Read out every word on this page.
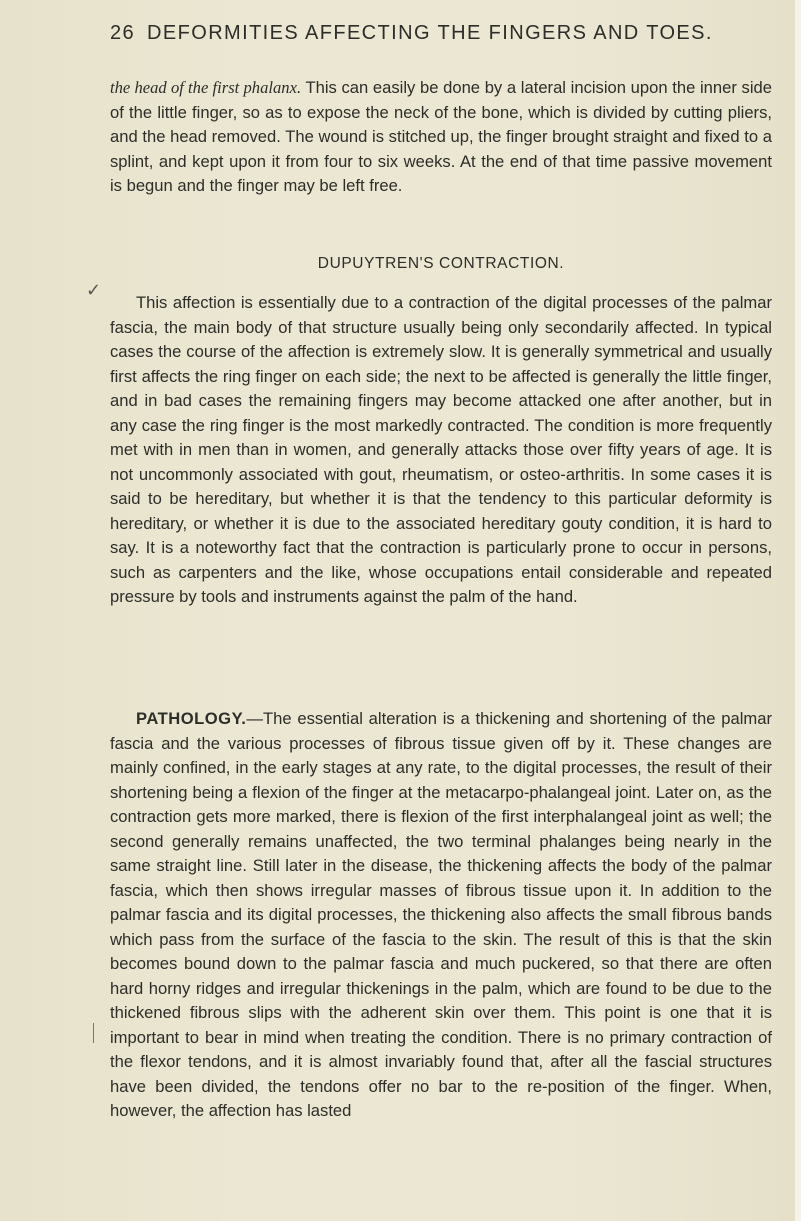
26 DEFORMITIES AFFECTING THE FINGERS AND TOES.
the head of the first phalanx. This can easily be done by a lateral incision upon the inner side of the little finger, so as to expose the neck of the bone, which is divided by cutting pliers, and the head removed. The wound is stitched up, the finger brought straight and fixed to a splint, and kept upon it from four to six weeks. At the end of that time passive movement is begun and the finger may be left free.
DUPUYTREN'S CONTRACTION.
✓
This affection is essentially due to a contraction of the digital processes of the palmar fascia, the main body of that structure usually being only secondarily affected. In typical cases the course of the affection is extremely slow. It is generally symmetrical and usually first affects the ring finger on each side; the next to be affected is generally the little finger, and in bad cases the remaining fingers may become attacked one after another, but in any case the ring finger is the most markedly contracted. The condition is more frequently met with in men than in women, and generally attacks those over fifty years of age. It is not uncommonly associated with gout, rheumatism, or osteo-arthritis. In some cases it is said to be hereditary, but whether it is that the tendency to this particular deformity is hereditary, or whether it is due to the associated hereditary gouty condition, it is hard to say. It is a noteworthy fact that the contraction is particularly prone to occur in persons, such as carpenters and the like, whose occupations entail considerable and repeated pressure by tools and instruments against the palm of the hand.
PATHOLOGY.—The essential alteration is a thickening and shortening of the palmar fascia and the various processes of fibrous tissue given off by it. These changes are mainly confined, in the early stages at any rate, to the digital processes, the result of their shortening being a flexion of the finger at the metacarpo-phalangeal joint. Later on, as the contraction gets more marked, there is flexion of the first interphalangeal joint as well; the second generally remains unaffected, the two terminal phalanges being nearly in the same straight line. Still later in the disease, the thickening affects the body of the palmar fascia, which then shows irregular masses of fibrous tissue upon it. In addition to the palmar fascia and its digital processes, the thickening also affects the small fibrous bands which pass from the surface of the fascia to the skin. The result of this is that the skin becomes bound down to the palmar fascia and much puckered, so that there are often hard horny ridges and irregular thickenings in the palm, which are found to be due to the thickened fibrous slips with the adherent skin over them. This point is one that it is important to bear in mind when treating the condition. There is no primary contraction of the flexor tendons, and it is almost invariably found that, after all the fascial structures have been divided, the tendons offer no bar to the re-position of the finger. When, however, the affection has lasted
